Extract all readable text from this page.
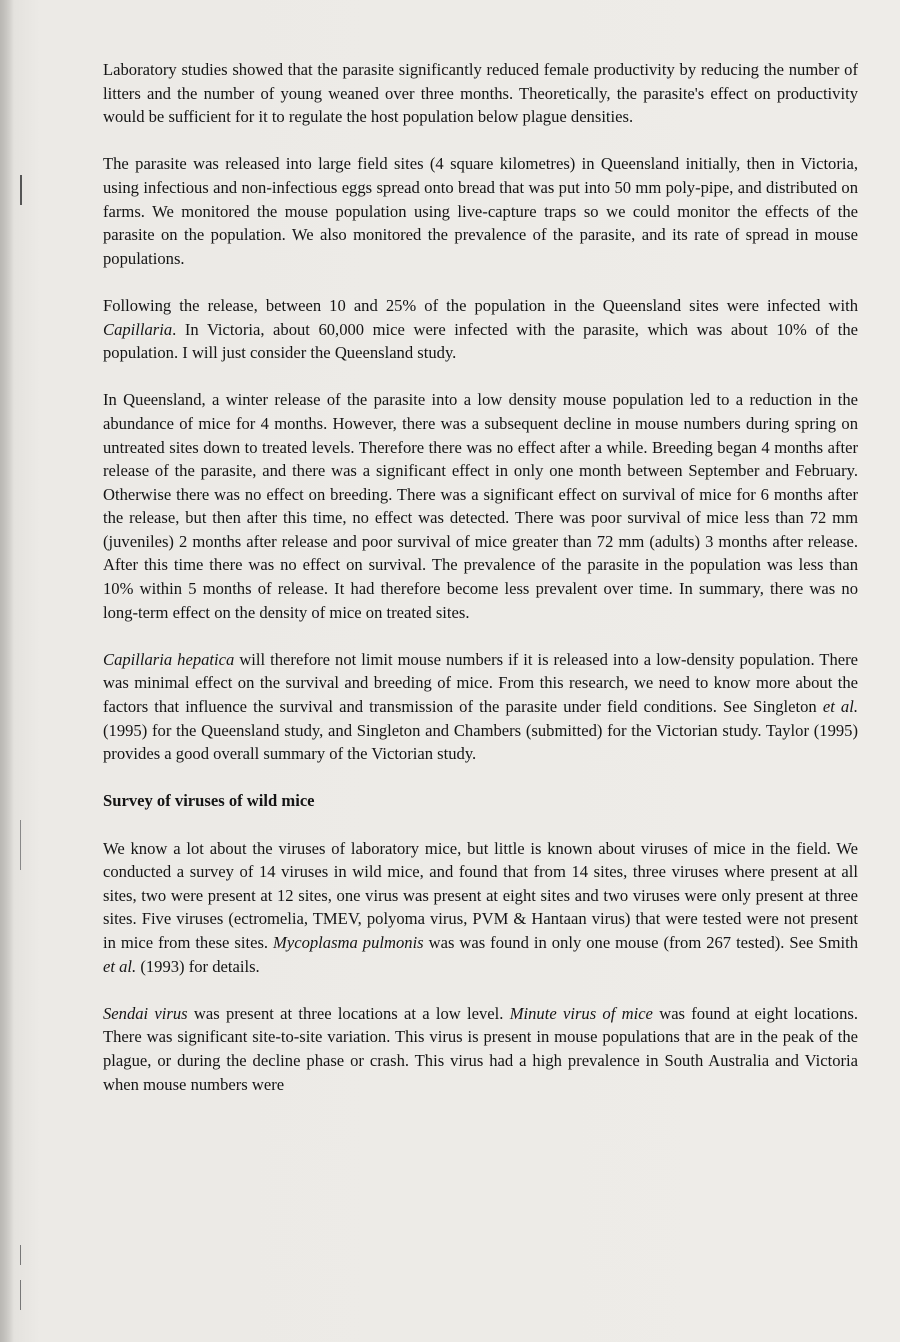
Laboratory studies showed that the parasite significantly reduced female productivity by reducing the number of litters and the number of young weaned over three months. Theoretically, the parasite's effect on productivity would be sufficient for it to regulate the host population below plague densities.

The parasite was released into large field sites (4 square kilometres) in Queensland initially, then in Victoria, using infectious and non-infectious eggs spread onto bread that was put into 50 mm poly-pipe, and distributed on farms. We monitored the mouse population using live-capture traps so we could monitor the effects of the parasite on the population. We also monitored the prevalence of the parasite, and its rate of spread in mouse populations.

Following the release, between 10 and 25% of the population in the Queensland sites were infected with Capillaria. In Victoria, about 60,000 mice were infected with the parasite, which was about 10% of the population. I will just consider the Queensland study.

In Queensland, a winter release of the parasite into a low density mouse population led to a reduction in the abundance of mice for 4 months. However, there was a subsequent decline in mouse numbers during spring on untreated sites down to treated levels. Therefore there was no effect after a while. Breeding began 4 months after release of the parasite, and there was a significant effect in only one month between September and February. Otherwise there was no effect on breeding. There was a significant effect on survival of mice for 6 months after the release, but then after this time, no effect was detected. There was poor survival of mice less than 72 mm (juveniles) 2 months after release and poor survival of mice greater than 72 mm (adults) 3 months after release. After this time there was no effect on survival. The prevalence of the parasite in the population was less than 10% within 5 months of release. It had therefore become less prevalent over time. In summary, there was no long-term effect on the density of mice on treated sites.

Capillaria hepatica will therefore not limit mouse numbers if it is released into a low-density population. There was minimal effect on the survival and breeding of mice. From this research, we need to know more about the factors that influence the survival and transmission of the parasite under field conditions. See Singleton et al. (1995) for the Queensland study, and Singleton and Chambers (submitted) for the Victorian study. Taylor (1995) provides a good overall summary of the Victorian study.

Survey of viruses of wild mice

We know a lot about the viruses of laboratory mice, but little is known about viruses of mice in the field. We conducted a survey of 14 viruses in wild mice, and found that from 14 sites, three viruses where present at all sites, two were present at 12 sites, one virus was present at eight sites and two viruses were only present at three sites. Five viruses (ectromelia, TMEV, polyoma virus, PVM & Hantaan virus) that were tested were not present in mice from these sites. Mycoplasma pulmonis was was found in only one mouse (from 267 tested). See Smith et al. (1993) for details.

Sendai virus was present at three locations at a low level. Minute virus of mice was found at eight locations. There was significant site-to-site variation. This virus is present in mouse populations that are in the peak of the plague, or during the decline phase or crash. This virus had a high prevalence in South Australia and Victoria when mouse numbers were
